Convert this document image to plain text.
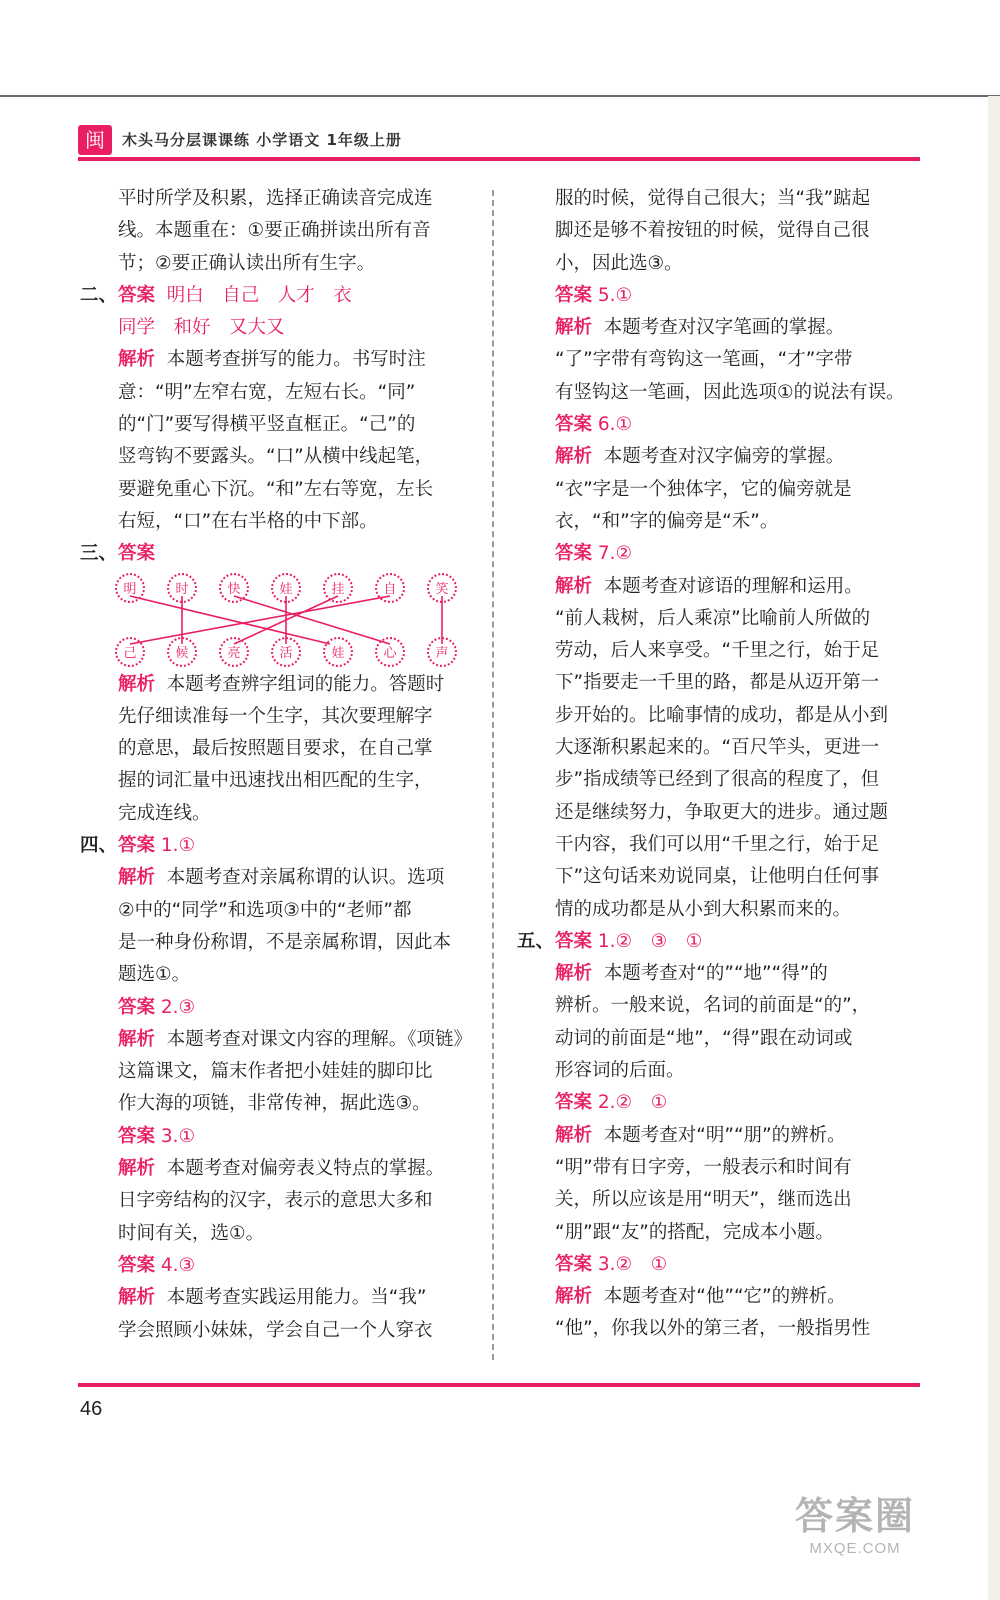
闽	木头马分层课课练 小学语文 1年级上册
平时所学及积累，选择正确读音完成连
线。本题重在：①要正确拼读出所有音
节；②要正确认读出所有生字。
二、答案 明白　自己　人才　衣
同学　和好　又大又
解析 本题考查拼写的能力。书写时注
意：“明”左窄右宽，左短右长。“同”
的“门”要写得横平竖直框正。“己”的
竖弯钩不要露头。“口”从横中线起笔，
要避免重心下沉。“和”左右等宽，左长
右短，“口”在右半格的中下部。
三、答案
明	时	快	娃	挂	自	笑
己	候	亮	活	娃	心	声
解析 本题考查辨字组词的能力。答题时
先仔细读准每一个生字，其次要理解字
的意思，最后按照题目要求，在自己掌
握的词汇量中迅速找出相匹配的生字，
完成连线。
四、答案 1.①
解析 本题考查对亲属称谓的认识。选项
②中的“同学”和选项③中的“老师”都
是一种身份称谓，不是亲属称谓，因此本
题选①。
答案 2.③
解析 本题考查对课文内容的理解。《项链》
这篇课文，篇末作者把小娃娃的脚印比
作大海的项链，非常传神，据此选③。
答案 3.①
解析 本题考查对偏旁表义特点的掌握。
日字旁结构的汉字，表示的意思大多和
时间有关，选①。
答案 4.③
解析 本题考查实践运用能力。当“我”
学会照顾小妹妹，学会自己一个人穿衣
服的时候，觉得自己很大；当“我”踮起
脚还是够不着按钮的时候，觉得自己很
小，因此选③。
答案 5.①
解析 本题考查对汉字笔画的掌握。
“了”字带有弯钩这一笔画，“才”字带
有竖钩这一笔画，因此选项①的说法有误。
答案 6.①
解析 本题考查对汉字偏旁的掌握。
“衣”字是一个独体字，它的偏旁就是
衣，“和”字的偏旁是“禾”。
答案 7.②
解析 本题考查对谚语的理解和运用。
“前人栽树，后人乘凉”比喻前人所做的
劳动，后人来享受。“千里之行，始于足
下”指要走一千里的路，都是从迈开第一
步开始的。比喻事情的成功，都是从小到
大逐渐积累起来的。“百尺竿头，更进一
步”指成绩等已经到了很高的程度了，但
还是继续努力，争取更大的进步。通过题
干内容，我们可以用“千里之行，始于足
下”这句话来劝说同桌，让他明白任何事
情的成功都是从小到大积累而来的。
五、答案 1.②　③　①
解析 本题考查对“的”“地”“得”的
辨析。一般来说，名词的前面是“的”，
动词的前面是“地”，“得”跟在动词或
形容词的后面。
答案 2.②　①
解析 本题考查对“明”“朋”的辨析。
“明”带有日字旁，一般表示和时间有
关，所以应该是用“明天”，继而选出
“朋”跟“友”的搭配，完成本小题。
答案 3.②　①
解析 本题考查对“他”“它”的辨析。
“他”，你我以外的第三者，一般指男性
46
答案圈
MXQE.COM
